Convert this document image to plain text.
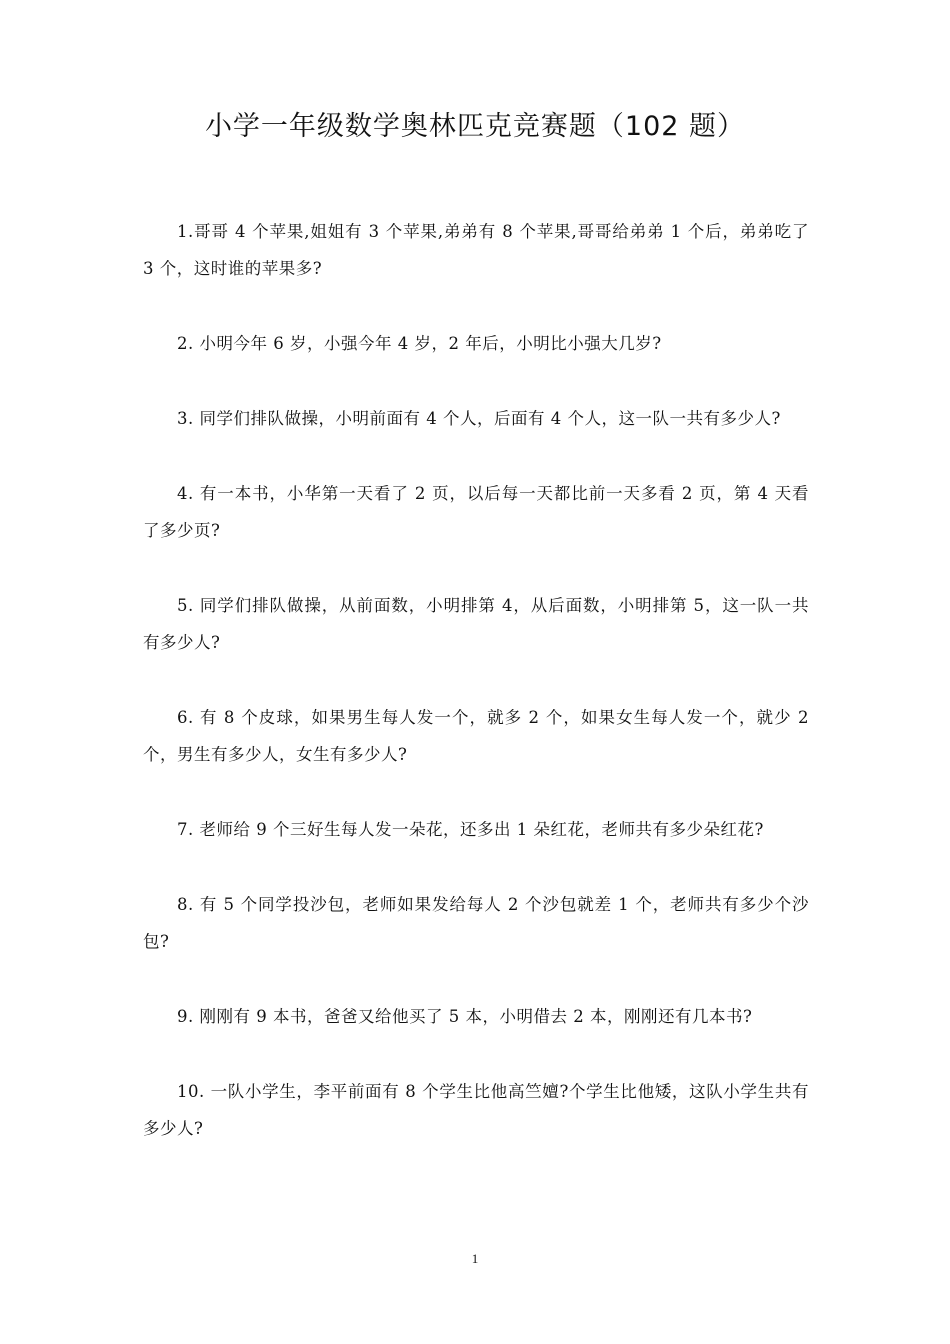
小学一年级数学奥林匹克竞赛题（102 题）
1.哥哥 4 个苹果,姐姐有 3 个苹果,弟弟有 8 个苹果,哥哥给弟弟 1 个后，弟弟吃了 3 个，这时谁的苹果多?
2. 小明今年 6 岁，小强今年 4 岁，2 年后，小明比小强大几岁?
3. 同学们排队做操，小明前面有 4 个人，后面有 4 个人，这一队一共有多少人?
4. 有一本书，小华第一天看了 2 页，以后每一天都比前一天多看 2 页，第 4 天看了多少页?
5. 同学们排队做操，从前面数，小明排第 4，从后面数，小明排第 5，这一队一共有多少人?
6. 有 8 个皮球，如果男生每人发一个，就多 2 个，如果女生每人发一个，就少 2 个，男生有多少人，女生有多少人?
7. 老师给 9 个三好生每人发一朵花，还多出 1 朵红花，老师共有多少朵红花?
8. 有 5 个同学投沙包，老师如果发给每人 2 个沙包就差 1 个，老师共有多少个沙包?
9. 刚刚有 9 本书，爸爸又给他买了 5 本，小明借去 2 本，刚刚还有几本书?
10. 一队小学生，李平前面有 8 个学生比他高竺嬗?个学生比他矮，这队小学生共有多少人?
1
